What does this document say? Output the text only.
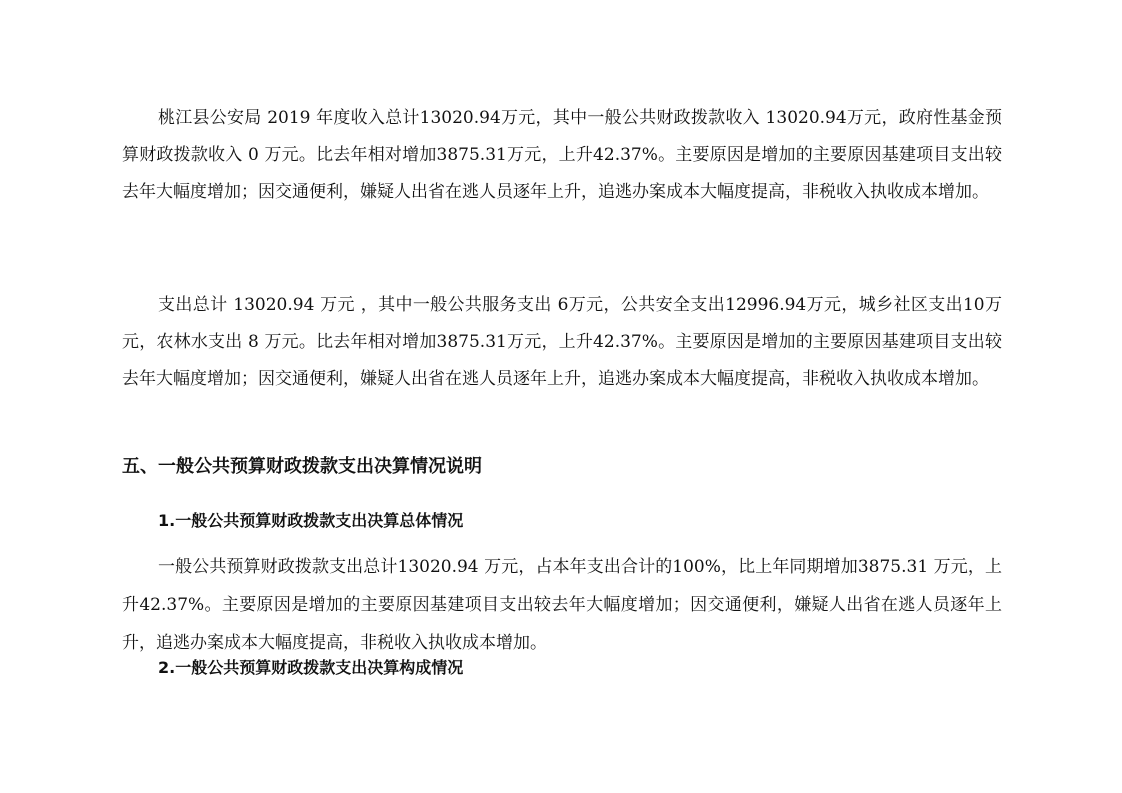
桃江县公安局 2019 年度收入总计13020.94万元，其中一般公共财政拨款收入 13020.94万元，政府性基金预算财政拨款收入 0 万元。比去年相对增加3875.31万元，上升42.37%。主要原因是增加的主要原因基建项目支出较去年大幅度增加；因交通便利，嫌疑人出省在逃人员逐年上升，追逃办案成本大幅度提高，非税收入执收成本增加。

支出总计 13020.94 万元 ，其中一般公共服务支出 6万元，公共安全支出12996.94万元，城乡社区支出10万元，农林水支出 8 万元。比去年相对增加3875.31万元，上升42.37%。主要原因是增加的主要原因基建项目支出较去年大幅度增加；因交通便利，嫌疑人出省在逃人员逐年上升，追逃办案成本大幅度提高，非税收入执收成本增加。

五、一般公共预算财政拨款支出决算情况说明
1.一般公共预算财政拨款支出决算总体情况

一般公共预算财政拨款支出总计13020.94 万元，占本年支出合计的100%，比上年同期增加3875.31 万元，上升42.37%。主要原因是增加的主要原因基建项目支出较去年大幅度增加；因交通便利，嫌疑人出省在逃人员逐年上升，追逃办案成本大幅度提高，非税收入执收成本增加。

2.一般公共预算财政拨款支出决算构成情况
